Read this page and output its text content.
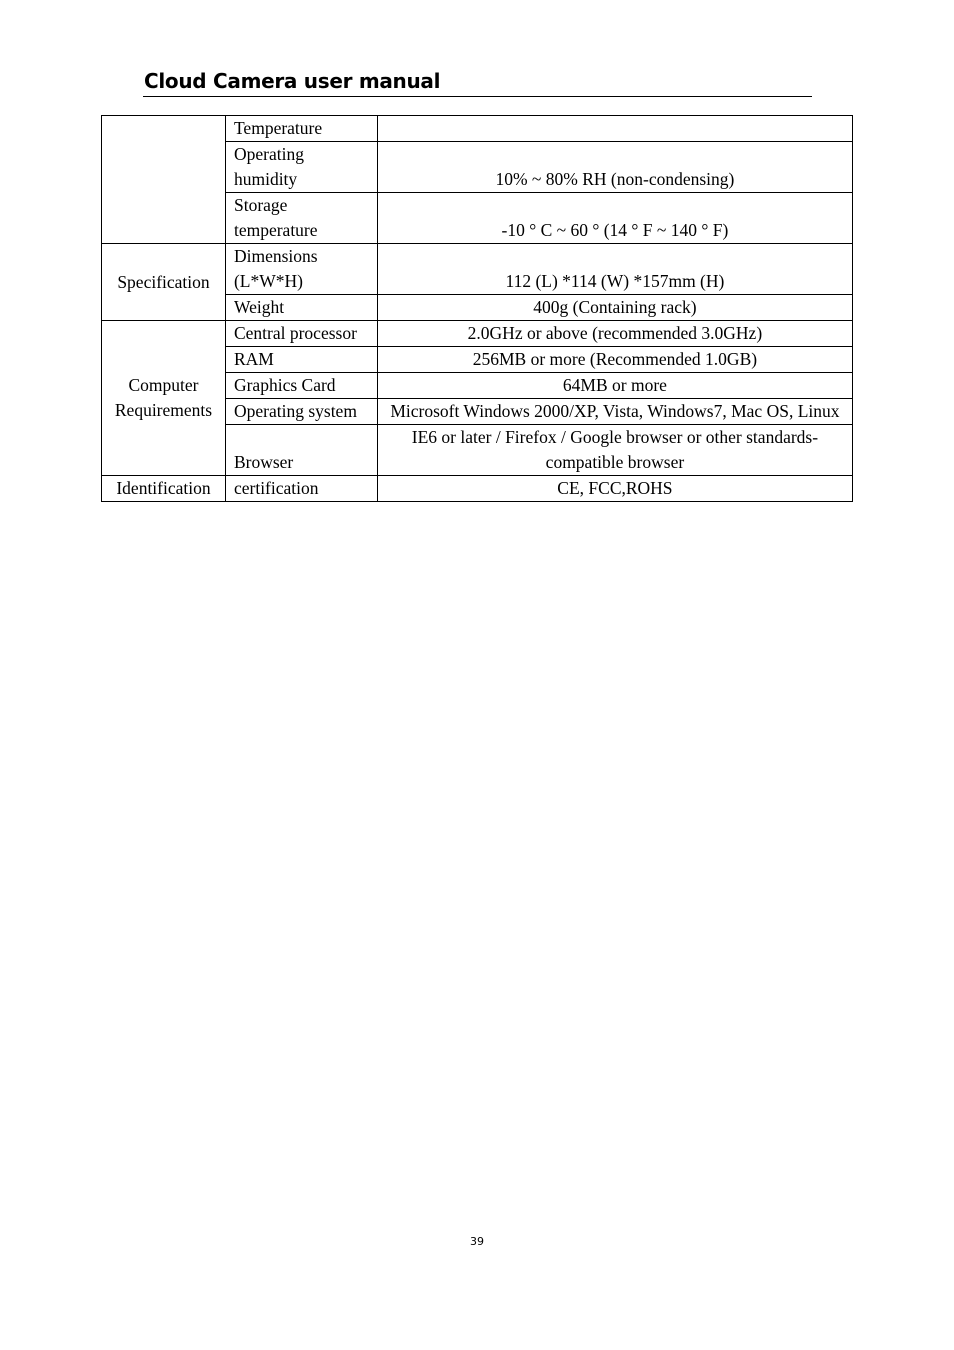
Cloud Camera user manual
	Temperature	
	Operating humidity	10% ~ 80% RH (non-condensing)
	Storage temperature	-10 ° C ~ 60 ° (14 ° F ~ 140 ° F)
Specification	Dimensions (L*W*H)	112 (L) *114 (W) *157mm (H)
	Weight	400g (Containing rack)
Computer Requirements	Central processor	2.0GHz or above (recommended 3.0GHz)
	RAM	256MB or more (Recommended 1.0GB)
	Graphics Card	64MB or more
	Operating system	Microsoft Windows 2000/XP, Vista, Windows7, Mac OS, Linux
	Browser	IE6 or later / Firefox / Google browser or other standards-compatible browser
Identification	certification	CE, FCC,ROHS
39
